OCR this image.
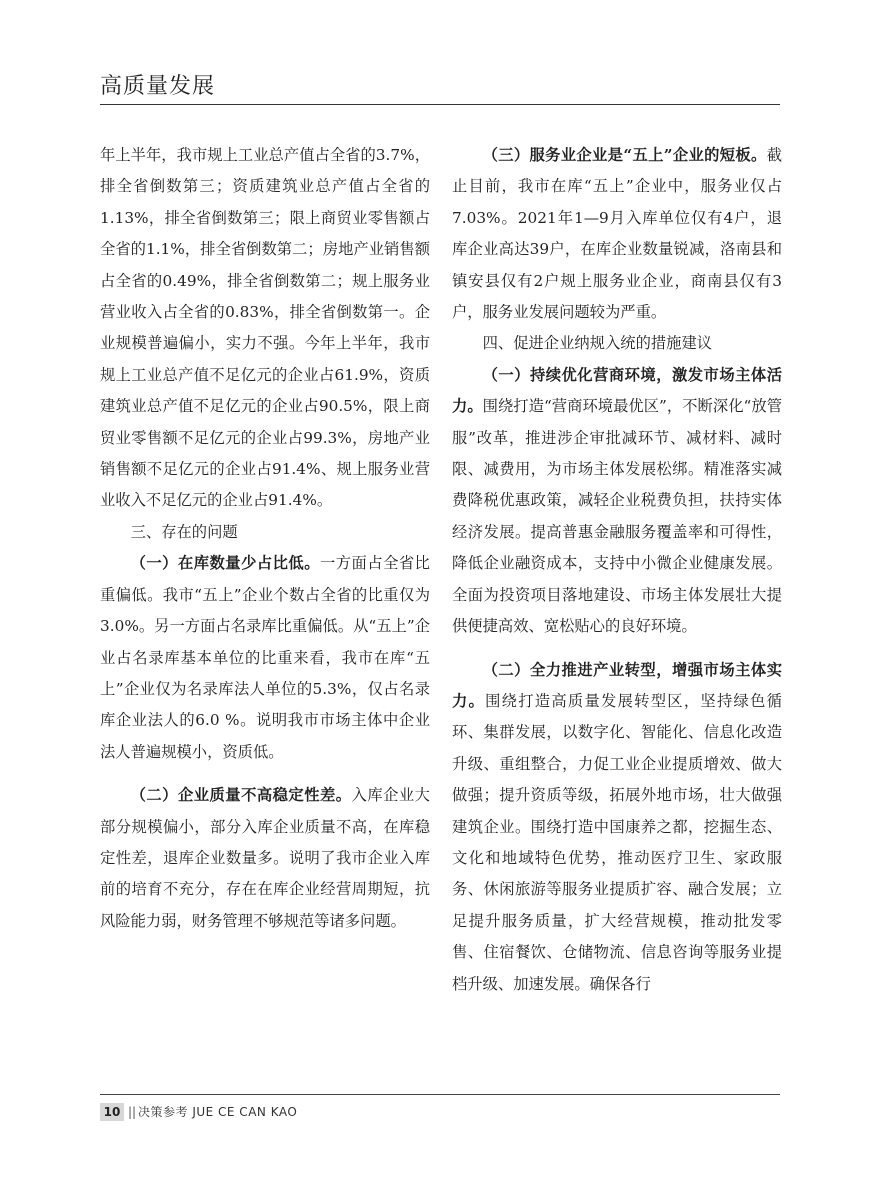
高质量发展

年上半年，我市规上工业总产值占全省的3.7%，排全省倒数第三；资质建筑业总产值占全省的1.13%，排全省倒数第三；限上商贸业零售额占全省的1.1%，排全省倒数第二；房地产业销售额占全省的0.49%，排全省倒数第二；规上服务业营业收入占全省的0.83%，排全省倒数第一。企业规模普遍偏小，实力不强。今年上半年，我市规上工业总产值不足亿元的企业占61.9%，资质建筑业总产值不足亿元的企业占90.5%，限上商贸业零售额不足亿元的企业占99.3%，房地产业销售额不足亿元的企业占91.4%、规上服务业营业收入不足亿元的企业占91.4%。

三、存在的问题

（一）在库数量少占比低。一方面占全省比重偏低。我市“五上”企业个数占全省的比重仅为3.0%。另一方面占名录库比重偏低。从“五上”企业占名录库基本单位的比重来看，我市在库“五上”企业仅为名录库法人单位的5.3%，仅占名录库企业法人的6.0 %。说明我市市场主体中企业法人普遍规模小，资质低。

（二）企业质量不高稳定性差。入库企业大部分规模偏小，部分入库企业质量不高，在库稳定性差，退库企业数量多。说明了我市企业入库前的培育不充分，存在在库企业经营周期短，抗风险能力弱，财务管理不够规范等诸多问题。

（三）服务业企业是“五上”企业的短板。截止目前，我市在库“五上”企业中，服务业仅占7.03%。2021年1—9月入库单位仅有4户，退库企业高达39户，在库企业数量锐减，洛南县和镇安县仅有2户规上服务业企业，商南县仅有3户，服务业发展问题较为严重。

四、促进企业纳规入统的措施建议

（一）持续优化营商环境，激发市场主体活力。围绕打造“营商环境最优区”，不断深化“放管服”改革，推进涉企审批减环节、减材料、减时限、减费用，为市场主体发展松绑。精准落实减费降税优惠政策，减轻企业税费负担，扶持实体经济发展。提高普惠金融服务覆盖率和可得性，降低企业融资成本，支持中小微企业健康发展。全面为投资项目落地建设、市场主体发展壮大提供便捷高效、宽松贴心的良好环境。

（二）全力推进产业转型，增强市场主体实力。围绕打造高质量发展转型区，坚持绿色循环、集群发展，以数字化、智能化、信息化改造升级、重组整合，力促工业企业提质增效、做大做强；提升资质等级，拓展外地市场，壮大做强建筑企业。围绕打造中国康养之都，挖掘生态、文化和地域特色优势，推动医疗卫生、家政服务、休闲旅游等服务业提质扩容、融合发展；立足提升服务质量，扩大经营规模，推动批发零售、住宿餐饮、仓储物流、信息咨询等服务业提档升级、加速发展。确保各行

10 || 决策参考 JUE CE CAN KAO
